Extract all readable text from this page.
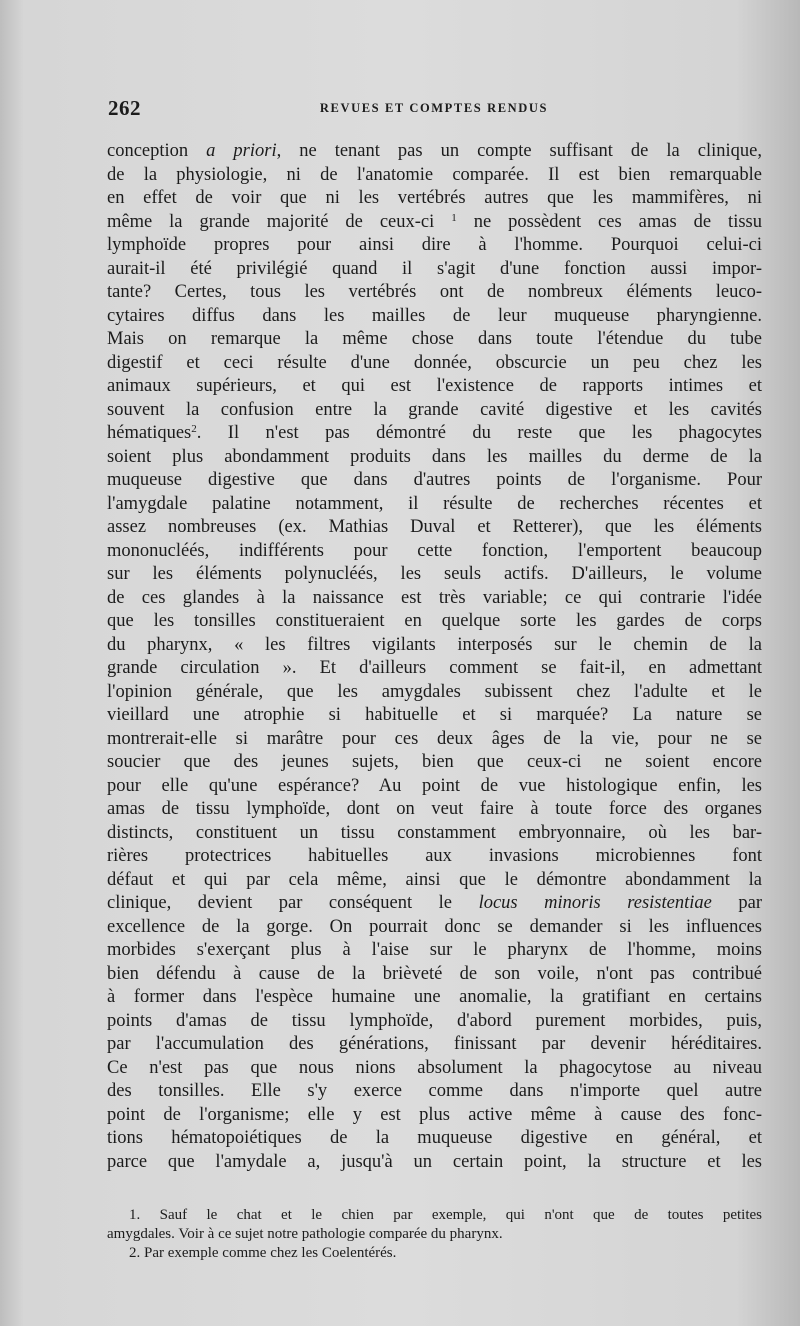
262	REVUES ET COMPTES RENDUS
conception a priori, ne tenant pas un compte suffisant de la clinique,
de la physiologie, ni de l'anatomie comparée. Il est bien remarquable
en effet de voir que ni les vertébrés autres que les mammifères, ni
même la grande majorité de ceux-ci $^1$ ne possèdent ces amas de tissu
lymphoïde propres pour ainsi dire à l'homme. Pourquoi celui-ci
aurait-il été privilégié quand il s'agit d'une fonction aussi impor-
tante? Certes, tous les vertébrés ont de nombreux éléments leuco-
cytaires diffus dans les mailles de leur muqueuse pharyngienne.
Mais on remarque la même chose dans toute l'étendue du tube
digestif et ceci résulte d'une donnée, obscurcie un peu chez les
animaux supérieurs, et qui est l'existence de rapports intimes et
souvent la confusion entre la grande cavité digestive et les cavités
hématiques$^2$. Il n'est pas démontré du reste que les phagocytes
soient plus abondamment produits dans les mailles du derme de la
muqueuse digestive que dans d'autres points de l'organisme. Pour
l'amygdale palatine notamment, il résulte de recherches récentes et
assez nombreuses (ex. Mathias Duval et Retterer), que les éléments
mononucléés, indifférents pour cette fonction, l'emportent beaucoup
sur les éléments polynucléés, les seuls actifs. D'ailleurs, le volume
de ces glandes à la naissance est très variable; ce qui contrarie l'idée
que les tonsilles constitueraient en quelque sorte les gardes de corps
du pharynx, « les filtres vigilants interposés sur le chemin de la
grande circulation ». Et d'ailleurs comment se fait-il, en admettant
l'opinion générale, que les amygdales subissent chez l'adulte et le
vieillard une atrophie si habituelle et si marquée? La nature se
montrerait-elle si marâtre pour ces deux âges de la vie, pour ne se
soucier que des jeunes sujets, bien que ceux-ci ne soient encore
pour elle qu'une espérance? Au point de vue histologique enfin, les
amas de tissu lymphoïde, dont on veut faire à toute force des organes
distincts, constituent un tissu constamment embryonnaire, où les bar-
rières protectrices habituelles aux invasions microbiennes font
défaut et qui par cela même, ainsi que le démontre abondamment la
clinique, devient par conséquent le locus minoris resistentiae par
excellence de la gorge. On pourrait donc se demander si les influences
morbides s'exerçant plus à l'aise sur le pharynx de l'homme, moins
bien défendu à cause de la brièveté de son voile, n'ont pas contribué
à former dans l'espèce humaine une anomalie, la gratifiant en certains
points d'amas de tissu lymphoïde, d'abord purement morbides, puis,
par l'accumulation des générations, finissant par devenir héréditaires.
Ce n'est pas que nous nions absolument la phagocytose au niveau
des tonsilles. Elle s'y exerce comme dans n'importe quel autre
point de l'organisme; elle y est plus active même à cause des fonc-
tions hématopoiétiques de la muqueuse digestive en général, et
parce que l'amydale a, jusqu'à un certain point, la structure et les
1. Sauf le chat et le chien par exemple, qui n'ont que de toutes petites
amygdales. Voir à ce sujet notre pathologie comparée du pharynx.
2. Par exemple comme chez les Coelentérés.
